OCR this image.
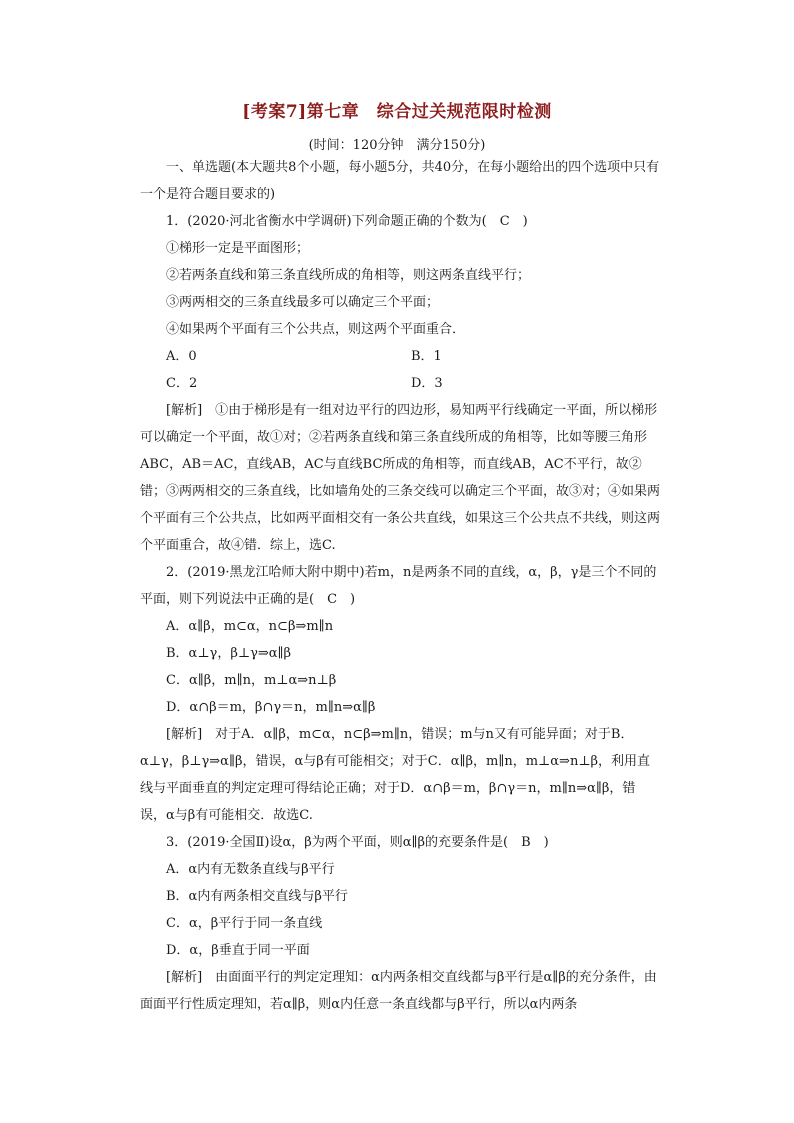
[考案7]第七章　综合过关规范限时检测
(时间：120分钟　满分150分)

一、单选题(本大题共8个小题，每小题5分，共40分，在每小题给出的四个选项中只有一个是符合题目要求的)

1．(2020·河北省衡水中学调研)下列命题正确的个数为(　C　)

①梯形一定是平面图形；

②若两条直线和第三条直线所成的角相等，则这两条直线平行；

③两两相交的三条直线最多可以确定三个平面；

④如果两个平面有三个公共点，则这两个平面重合．

A．0	B．1
C．2	D．3

[解析]　①由于梯形是有一组对边平行的四边形，易知两平行线确定一平面，所以梯形可以确定一个平面，故①对；②若两条直线和第三条直线所成的角相等，比如等腰三角形ABC，AB＝AC，直线AB，AC与直线BC所成的角相等，而直线AB，AC不平行，故②错；③两两相交的三条直线，比如墙角处的三条交线可以确定三个平面，故③对；④如果两个平面有三个公共点，比如两平面相交有一条公共直线，如果这三个公共点不共线，则这两个平面重合，故④错．综上，选C.

2．(2019·黑龙江哈师大附中期中)若m，n是两条不同的直线，α，β，γ是三个不同的平面，则下列说法中正确的是(　C　)

A．α∥β，m⊂α，n⊂β⇒m∥n

B．α⊥γ，β⊥γ⇒α∥β

C．α∥β，m∥n，m⊥α⇒n⊥β

D．α∩β＝m，β∩γ＝n，m∥n⇒α∥β

[解析]　对于A．α∥β，m⊂α，n⊂β⇒m∥n，错误；m与n又有可能异面；对于B．α⊥γ，β⊥γ⇒α∥β，错误，α与β有可能相交；对于C．α∥β，m∥n，m⊥α⇒n⊥β，利用直线与平面垂直的判定定理可得结论正确；对于D．α∩β＝m，β∩γ＝n，m∥n⇒α∥β，错误，α与β有可能相交．故选C.

3．(2019·全国Ⅱ)设α，β为两个平面，则α∥β的充要条件是(　B　)

A．α内有无数条直线与β平行

B．α内有两条相交直线与β平行

C．α，β平行于同一条直线

D．α，β垂直于同一平面

[解析]　由面面平行的判定定理知：α内两条相交直线都与β平行是α∥β的充分条件，由面面平行性质定理知，若α∥β，则α内任意一条直线都与β平行，所以α内两条
